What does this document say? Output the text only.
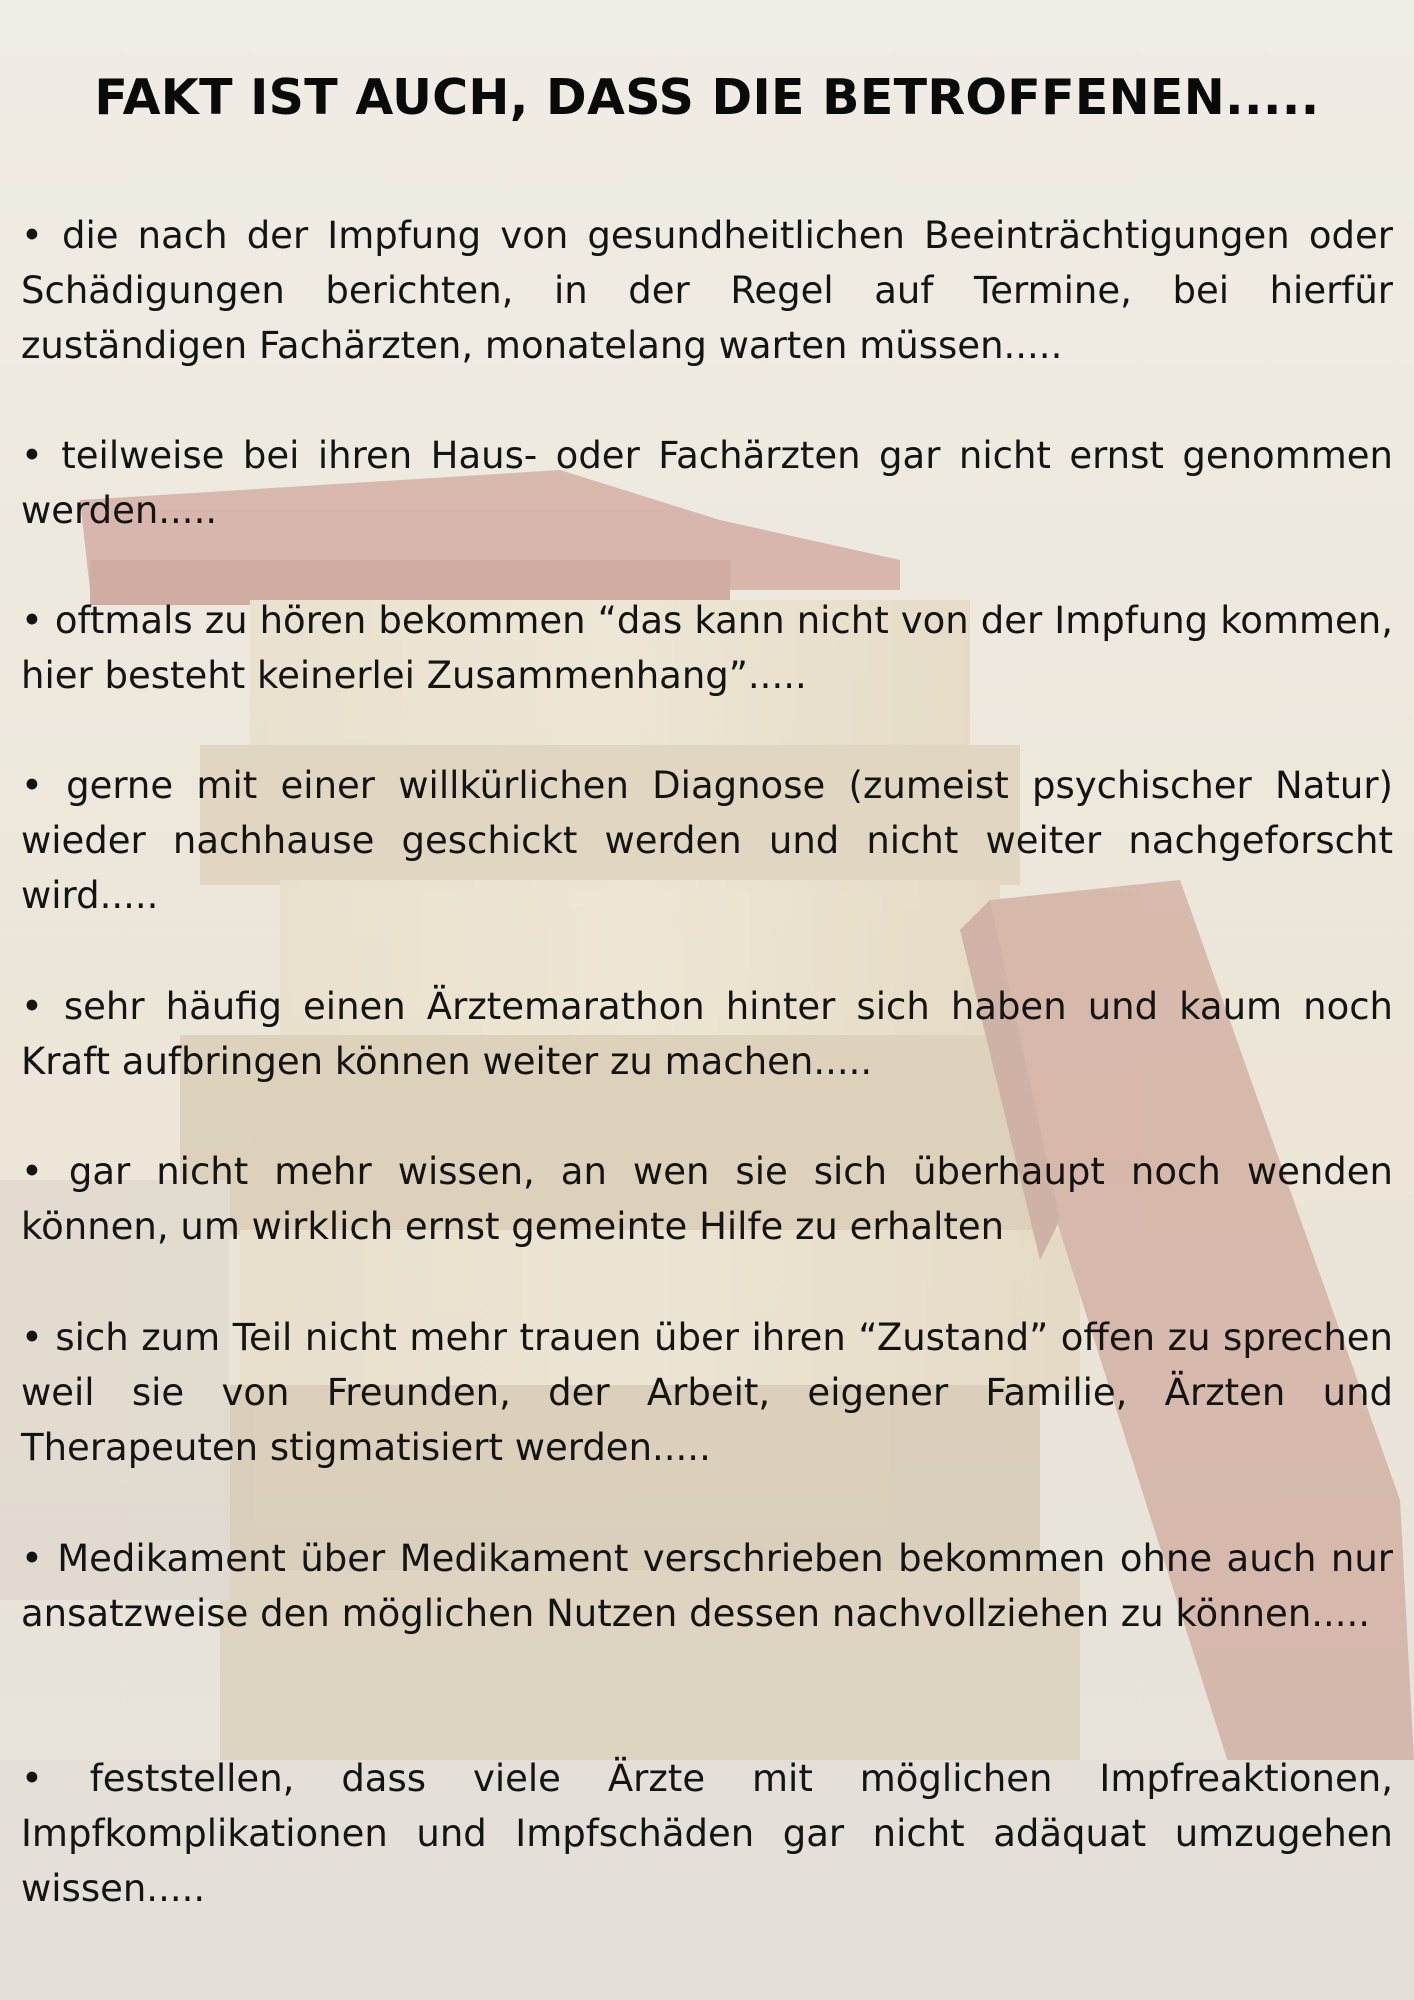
FAKT IST AUCH, DASS DIE BETROFFENEN.....

• die nach der Impfung von gesundheitlichen Beeinträchtigungen oder Schädigungen berichten, in der Regel auf Termine, bei hierfür zuständigen Fachärzten, monatelang warten müssen.....

• teilweise bei ihren Haus- oder Fachärzten gar nicht ernst genommen werden.....

• oftmals zu hören bekommen “das kann nicht von der Impfung kommen, hier besteht keinerlei Zusammenhang”.....

• gerne mit einer willkürlichen Diagnose (zumeist psychischer Natur) wieder nachhause geschickt werden und nicht weiter nachgeforscht wird.....

• sehr häufig einen Ärztemarathon hinter sich haben und kaum noch Kraft aufbringen können weiter zu machen.....

• gar nicht mehr wissen, an wen sie sich überhaupt noch wenden können, um wirklich ernst gemeinte Hilfe zu erhalten

• sich zum Teil nicht mehr trauen über ihren “Zustand” offen zu sprechen weil sie von Freunden, der Arbeit, eigener Familie, Ärzten und Therapeuten stigmatisiert werden.....

• Medikament über Medikament verschrieben bekommen ohne auch nur ansatzweise den möglichen Nutzen dessen nachvollziehen zu können.....

• feststellen, dass viele Ärzte mit möglichen Impfreaktionen, Impfkomplikationen und Impfschäden gar nicht adäquat umzugehen wissen.....
